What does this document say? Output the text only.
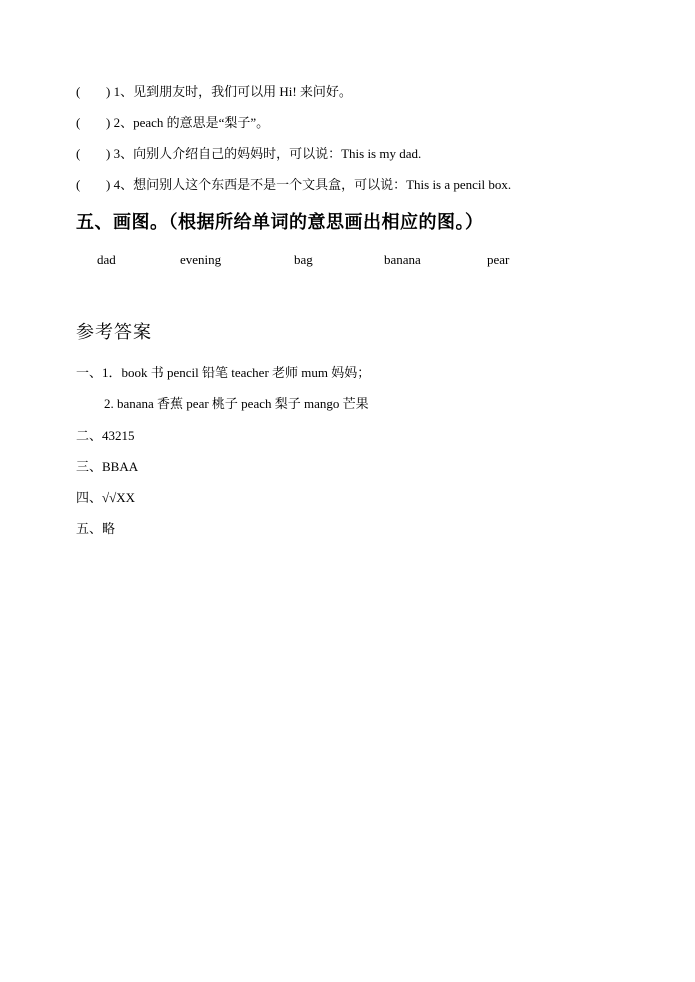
( ) 1、见到朋友时，我们可以用 Hi! 来问好。
( ) 2、peach 的意思是“梨子”。
( ) 3、向别人介绍自己的妈妈时，可以说：This is my dad.
( ) 4、想问别人这个东西是不是一个文具盒，可以说：This is a pencil box.
五、画图。（根据所给单词的意思画出相应的图。）
dad	evening	bag	banana	pear
参考答案
一、1．book 书 pencil 铅笔 teacher 老师 mum 妈妈；
2. banana 香蕉 pear 桃子 peach 梨子 mango 芒果
二、43215
三、BBAA
四、√√XX
五、略
